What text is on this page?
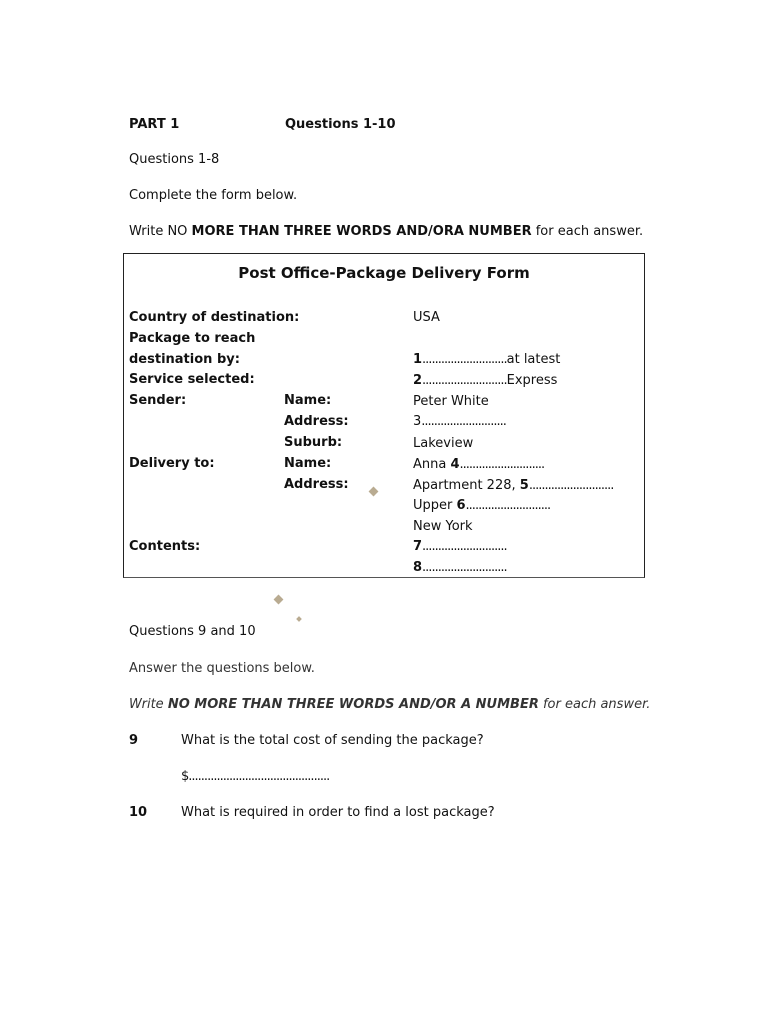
PART 1	Questions 1-10
Questions 1-8
Complete the form below.
Write NO MORE THAN THREE WORDS AND/ORA NUMBER for each answer.
Post Office-Package Delivery Form
Country of destination:	USA
Package to reach
destination by:	1...........................at latest
Service selected:	2...........................Express
Sender:	Name:	Peter White
Address:	3...........................
Suburb:	Lakeview
Delivery to:	Name:	Anna 4...........................
Address:	Apartment 228, 5...........................
Upper 6...........................
New York
Contents:	7...........................
8...........................
Questions 9 and 10
Answer the questions below.
Write NO MORE THAN THREE WORDS AND/OR A NUMBER for each answer.
9	What is the total cost of sending the package?
$.............................................
10	What is required in order to find a lost package?
